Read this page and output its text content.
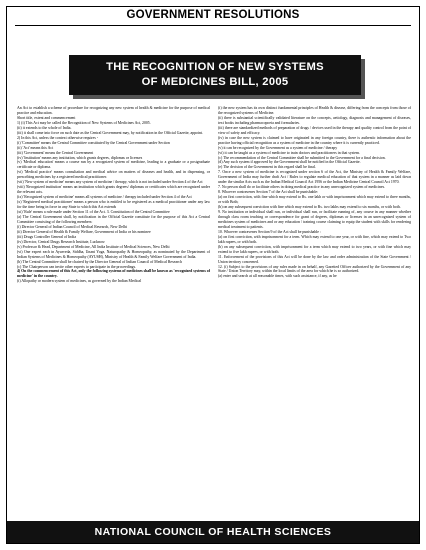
GOVERNMENT RESOLUTIONS
THE RECOGNITION OF NEW SYSTEMS
OF MEDICINES BILL, 2005

An Act to establish a scheme of procedure for recognizing any new system of health & medicine for the purpose of medical practice and education.

Short title, extent and commencement

1) (i) This Act may be called the Recognition of New Systems of Medicines Act, 2005.

(ii) it extends to the whole of India.

(iii) it shall come into force on such date as the Central Government may, by notification in the Official Gazette, appoint.

2) In this Act, unless the context otherwise requires -

(i) 'Committee' means the Central Committee constituted by the Central Government under Section

(ii) 'Act' means this Act

(iii) 'Government' means the Central Government

(iv) 'Institution' means any institution, which grants degrees, diplomas or licenses

(v) 'Medical education' means a course run by a recognized system of medicine, leading to a graduate or a postgraduate certificate or diploma.

(vi) 'Medical practice' means consultation and medical advice on matters of diseases and health, and in dispensing, or prescribing medicines by a registered medical practitioner.

(vii) 'New system of medicine' means any system of medicine / therapy, which is not included under Section 4 of the Act

(viii) 'Recognized institution' means an institution which grants degrees/ diplomas or certificates which are recognized under the relevant acts.

(ix) 'Recognized system of medicine' means all systems of medicine / therapy included under Section 4 of the Act

(x) 'Registered medical practitioner' means a person who is entitled to be registered as a medical practitioner under any law for the time being in force in any State to which this Act extends

(xi) 'Rule' means a rule made under Section 11 of the Act. 3. Constitution of the Central Committee

(a) The Central Government shall, by notification in the Official Gazette constitute for the purpose of this Act a Central Committee consisting of the following members:

(i) Director General of Indian Council of Medical Research, New Delhi

(ii) Director General of Health & Family Welfare, Government of India or his nominee

(iii) Drugs Controller General of India

(iv) Director, Central Drugs Research Institute, Lucknow

(v) Professor & Head, Department of Medicine, All India Institute of Medical Sciences, New Delhi

(vi) One expert each in Ayurveda, Siddha, Unani Yoga, Naturopathy & Homeopathy, as nominated by the Department of Indian Systems of Medicines & Homeopathy (AYUSH), Ministry of Health & Family Welfare Government of India.

(b) The Central Committee shall be chaired by the Director General of Indian Council of Medical Research

(c) The Chairperson can invite other experts to participate in the proceedings.

4) On the commencement of this Act, only the following systems of medicines shall be known as 'recognized systems of medicine' in the country.

(i) Allopathy or modern system of medicines, as governed by the Indian Medical

(i) the new system has its own distinct fundamental principles of Health & disease, differing from the concepts from those of the recognized systems of Medicine.

(ii) there is substantial scientifically validated literature on the concepts, aetiology, diagnosis and management of diseases, text books including pharmacopoeia and formularies.

(iii) there are standardized methods of preparation of drugs / devices used in the therapy and quality control from the point of view of safety and efficacy.

(iv) in case the new system is claimed to have originated in any foreign country, there is authentic information about the practice having official recognition as a system of medicine in the country where it is currently practiced.

(v) it can be recognized by the Government as a system of medicine / therapy

(vi) it can be taught as a system of medicine to train doctors and practitioners in that system.

(c) The recommendation of the Central Committee shall be submitted to the Government for a final decision.

(d) Any such system if approved by the Government shall be notified in the Official Gazette.

(e) The decision of the Government in this regard shall be final.

7. Once a new system of medicine is recognized under section 6 of the Act, the Ministry of Health & Family Welfare, Government of India may further draft Act / Rules to regulate medical education of that system in a manner as laid down under the similar Acts such as the Indian Medical Council Act 1956 or the Indian Medicine Central Council Act 1970.

7. No person shall do or facilitate others in doing medical practice in any unrecognized system of medicines.

8. Whoever contravenes Section 7 of the Act shall be punishable:

(a) on first conviction, with fine which may extend to Rs. one lakh or with imprisonment which may extend to three months, or with Both;

(b) on any subsequent conviction with fine which may extend to Rs. two lakhs may extend to six months, or with both.

9. No institution or individual shall run, or individual shall run, or facilitate running of, any course in any manner whether through class room teaching or correspondence for grant of degrees, diplomas or licenses in an unrecognized system of medicines system of medicines and or any education / training course claiming to equip the student with skills for rendering medical treatment to patients.

10. Whoever contravenes Section 9 of the Act shall be punishable :

(a) on first conviction, with imprisonment for a term. Which may extend to one year, or with fine, which may extend to Two lakh rupees, or with both.

(b) on any subsequent conviction, with imprisonment for a term which may extend to two years, or with fine which may extend to five lakh rupees, or with both.

11. Enforcement of the provisions of this Act will be done by the law and order administration of the State Government / Union territory concerned.

12. (i) Subject to the provisions of any rules made in on behalf, any Gazetted Officer authorized by the Government of any State / Union Territory may, within the local limits of the area for which he is so authorized.

(a) enter and search at all reasonable times, with such assistance, if any, as he

NATIONAL COUNCIL OF HEALTH SCIENCES
